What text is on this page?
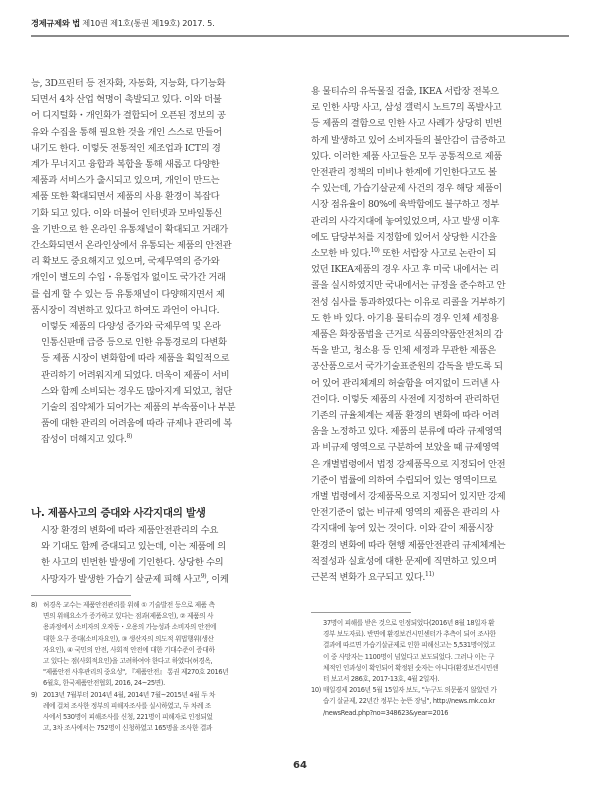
경제규제와 법 제10권 제1호(통권 제19호) 2017. 5.

능, 3D프린터 등 전자화, 자동화, 지능화, 다기능화
되면서 4차 산업 혁명이 촉발되고 있다. 이와 더불
어 디지털화・개인화가 결합되어 오픈된 정보의 공
유와 수집을 통해 필요한 것을 개인 스스로 만들어
내기도 한다. 이렇듯 전통적인 제조업과 ICT의 경
계가 무너지고 융합과 복합을 통해 새롭고 다양한
제품과 서비스가 출시되고 있으며, 개인이 만드는
제품 또한 확대되면서 제품의 사용 환경이 복잡다
기화 되고 있다. 이와 더불어 인터넷과 모바일통신
을 기반으로 한 온라인 유통채널이 확대되고 거래가
간소화되면서 온라인상에서 유통되는 제품의 안전관
리 확보도 중요해지고 있으며, 국제무역의 증가와
개인이 별도의 수입・유통업자 없이도 국가간 거래
를 쉽게 할 수 있는 등 유통채널이 다양해지면서 제
품시장이 격변하고 있다고 하여도 과언이 아니다.

이렇듯 제품의 다양성 증가와 국제무역 및 온라
인통신판매 급증 등으로 인한 유통경로의 다변화
등 제품 시장이 변화함에 따라 제품을 획일적으로
관리하기 어려워지게 되었다. 더욱이 제품이 서비
스와 함께 소비되는 경우도 많아지게 되었고, 첨단
기술의 집약체가 되어가는 제품의 부속품이나 부분
품에 대한 관리의 어려움에 따라 규제나 관리에 복
잡성이 더해지고 있다.$^{8)}$

나. 제품사고의 증대와 사각지대의 발생

시장 환경의 변화에 따라 제품안전관리의 수요
와 기대도 함께 증대되고 있는데, 이는 제품에 의
한 사고의 빈번한 발생에 기인한다. 상당한 수의
사망자가 발생한 가습기 살균제 피해 사고$^{9)}$, 이케

용 물티슈의 유독물질 검출, IKEA 서랍장 전복으
로 인한 사망 사고, 삼성 갤럭시 노트7의 폭발사고
등 제품의 결함으로 인한 사고 사례가 상당히 빈번
하게 발생하고 있어 소비자들의 불안감이 급증하고
있다. 이러한 제품 사고들은 모두 공통적으로 제품
안전관리 정책의 미비나 한계에 기인한다고도 볼
수 있는데, 가습기살균제 사건의 경우 해당 제품이
시장 점유율이 80%에 육박함에도 불구하고 정부
관리의 사각지대에 놓여있었으며, 사고 발생 이후
에도 담당부처를 지정함에 있어서 상당한 시간을
소모한 바 있다.$^{10)}$ 또한 서랍장 사고로 논란이 되
었던 IKEA제품의 경우 사고 후 미국 내에서는 리
콜을 실시하였지만 국내에서는 규정을 준수하고 안
전성 심사를 통과하였다는 이유로 리콜을 거부하기
도 한 바 있다. 아기용 물티슈의 경우 인체 세정용
제품은 화장품법을 근거로 식품의약품안전처의 감
독을 받고, 청소용 등 인체 세정과 무관한 제품은
공산품으로서 국가기술표준원의 감독을 받도록 되
어 있어 관리체계의 허술함을 여지없이 드러낸 사
건이다. 이렇듯 제품의 사전에 지정하여 관리하던
기존의 규율체계는 제품 환경의 변화에 따라 어려
움을 노정하고 있다. 제품의 분류에 따라 규제영역
과 비규제 영역으로 구분하여 보았을 때 규제영역
은 개별법령에서 법정 강제품목으로 지정되어 안전
기준이 법률에 의하여 수립되어 있는 영역이므로
개별 법령에서 강제품목으로 지정되어 있지만 강제
안전기준이 없는 비규제 영역의 제품은 관리의 사
각지대에 놓여 있는 것이다. 이와 같이 제품시장
환경의 변화에 따라 현행 제품안전관리 규제체계는
적절성과 실효성에 대한 문제에 직면하고 있으며
근본적 변화가 요구되고 있다.$^{11)}$

8) 허경옥 교수는 제품안전관리를 위해 ① 기술발전 등으로 제품 측
면의 위해요소가 증가하고 있다는 점과(제품요인), ② 제품의 사
용과정에서 소비자의 오작동・오용의 가능성과 소비자의 안전에
대한 요구 증대(소비자요인), ③ 생산자의 의도적 위법행위(생산
자요인), ④ 국민의 안전, 사회적 안전에 대한 기대수준이 증대하
고 있다는 점(사회적요인)을 고려하여야 한다고 하였다(허경옥,
"제품안전 사후관리의 중요성", 『제품안전』 통권 제270호 2016년
6월호, 한국제품안전협회, 2016, 24~25면).
9) 2013년 7월부터 2014년 4월, 2014년 7월~2015년 4월 두 차
례에 걸쳐 조사한 정부의 피해자조사를 실시하였고, 두 차례 조
사에서 530명이 피해조사를 신청, 221명이 피해자로 인정되었
고, 3차 조사에서는 752명이 신청하였고 165명을 조사한 결과
37명이 피해를 받은 것으로 인정되었다(2016년 8월 18일자 환
경부 보도자료). 반면에 환경보건시민센터가 추측이 되어 조사한
결과에 따르면 가습기살균제로 인한 피해신고는 5,531명이었고
이 중 사망자는 1100명이 넘었다고 보도되었다. 그러나 이는 구
체적인 인과성이 확인되어 확정된 숫자는 아니다(환경보건시민센
터 보고서 286호, 2017-13호, 4월 2일자).
10) 매일경제 2016년 5월 15일자 보도, "누구도 의문품지 않았던 가
습기 살균제, 22년간 정부는 눈뜬 장님", http://news.mk.co.kr
/newsRead.php?no=348623&year=2016
64
